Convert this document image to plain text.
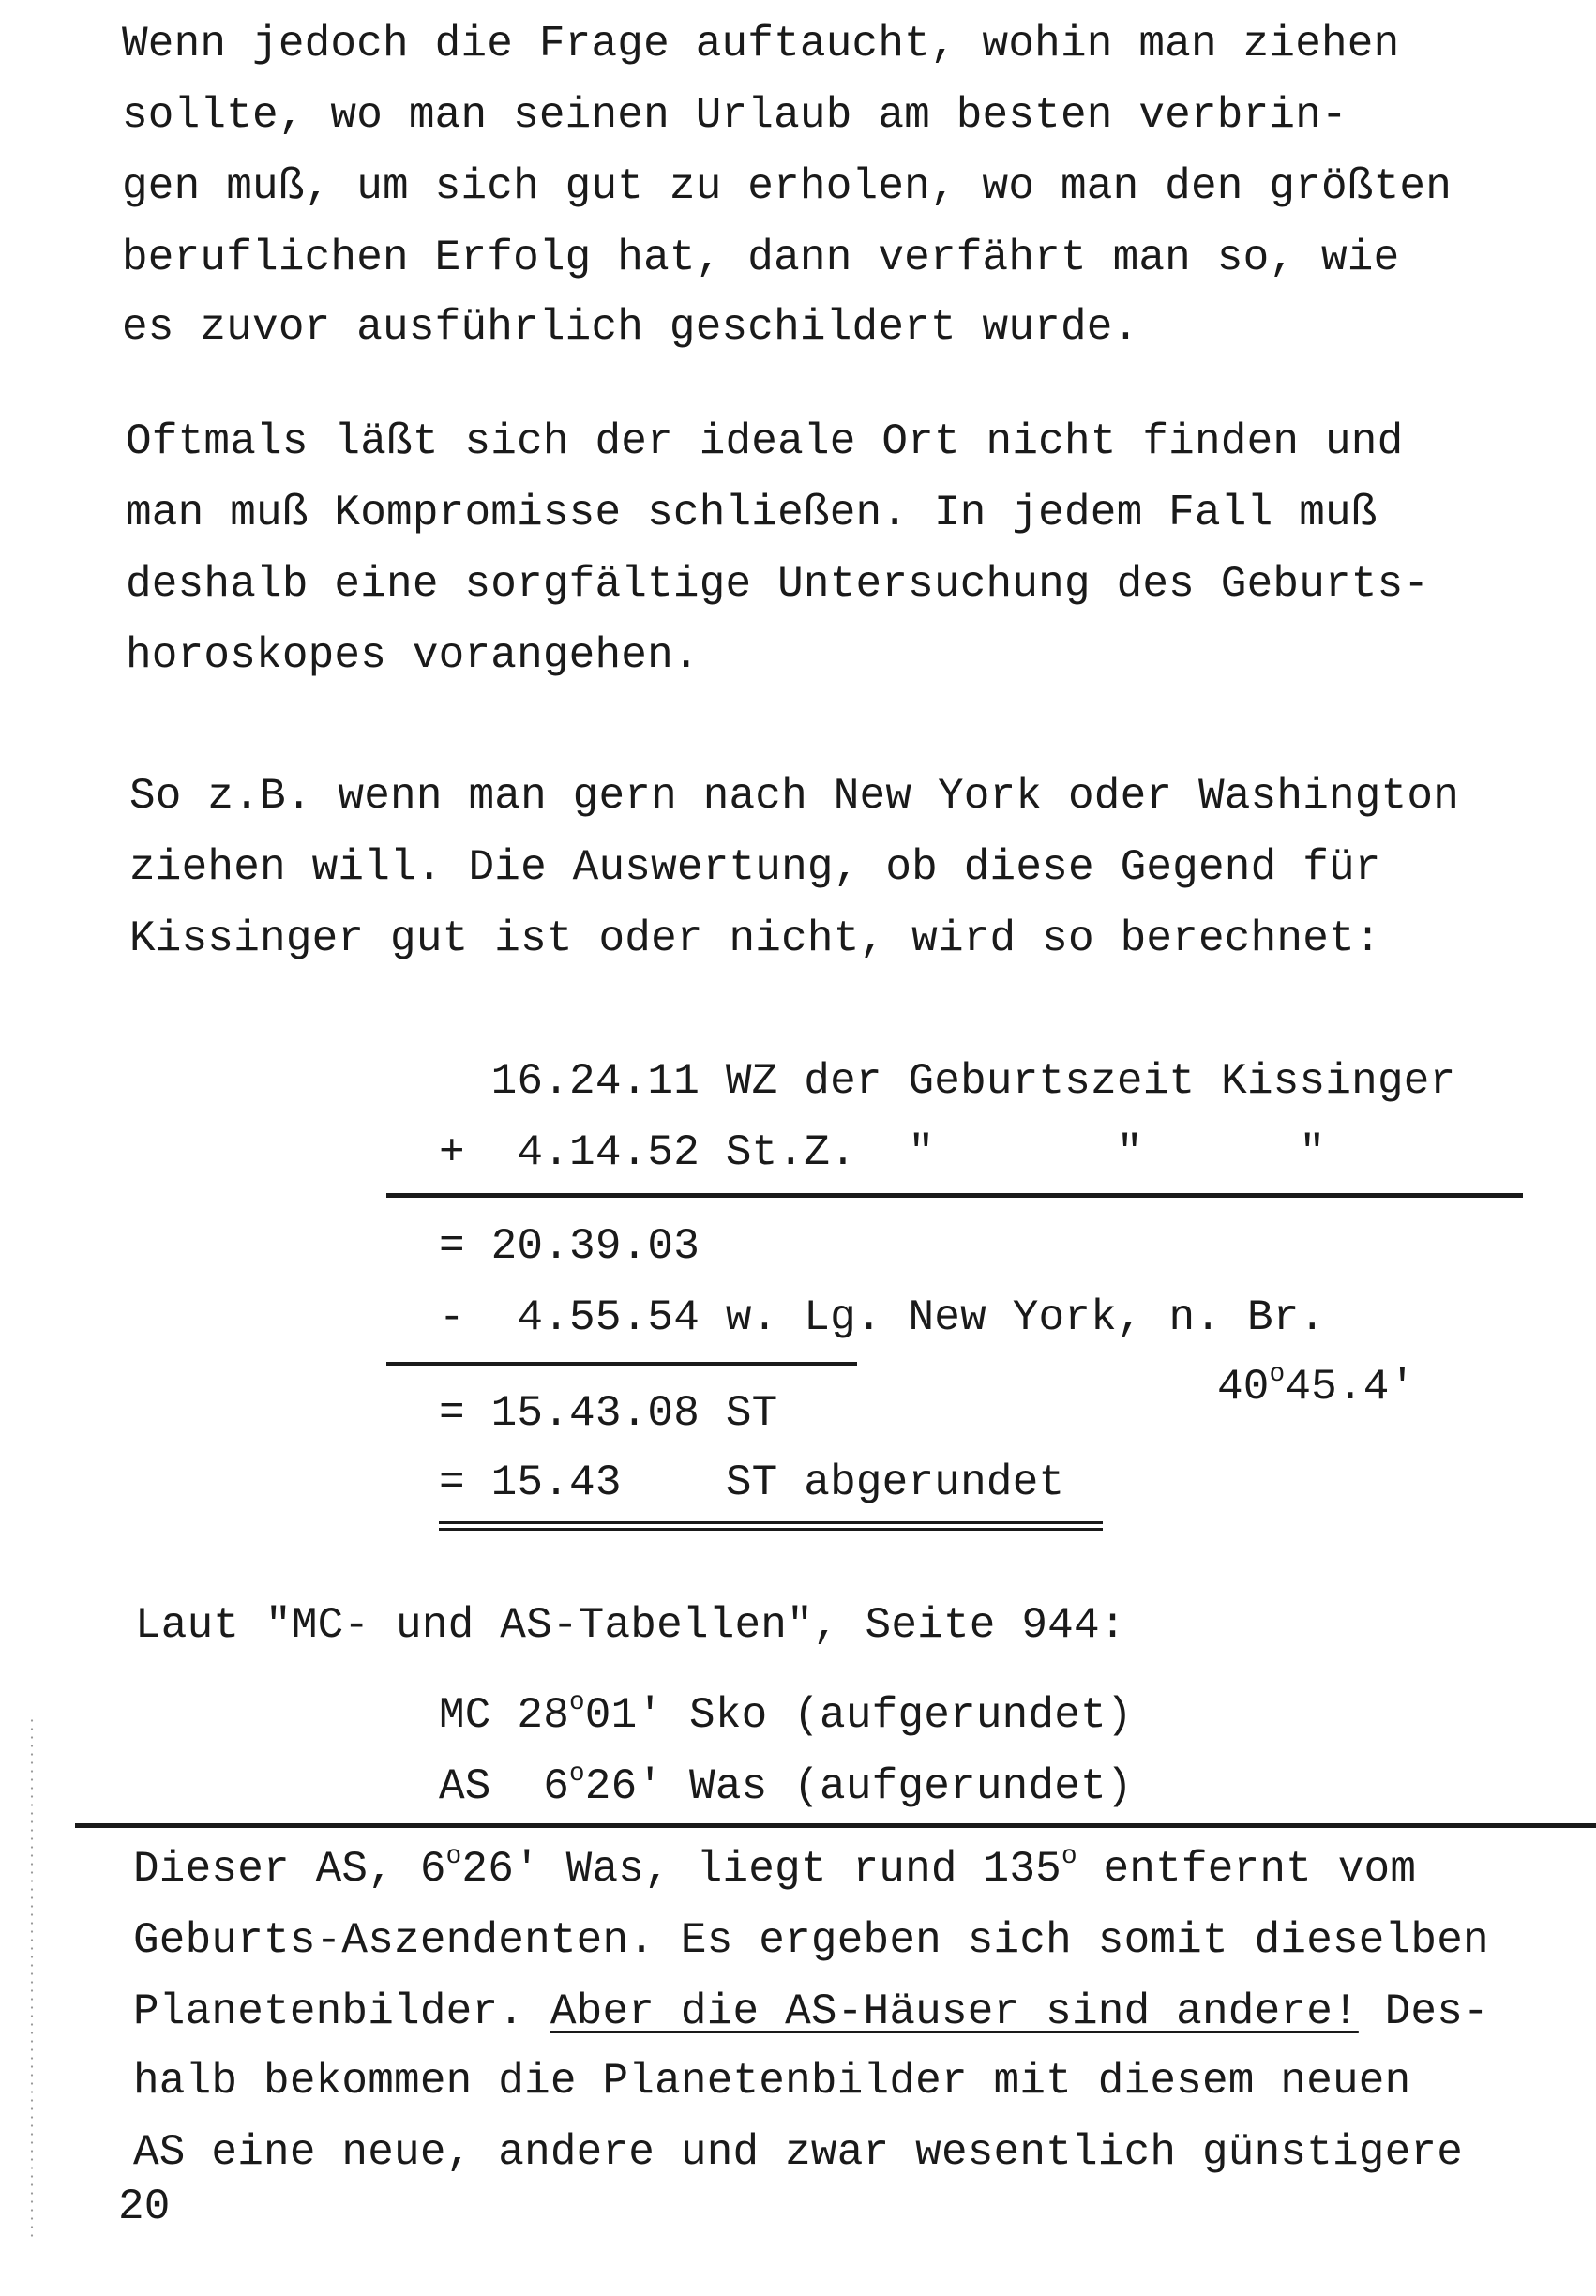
Wenn jedoch die Frage auftaucht, wohin man ziehen
sollte, wo man seinen Urlaub am besten verbrin-
gen muß, um sich gut zu erholen, wo man den größten
beruflichen Erfolg hat, dann verfährt man so, wie
es zuvor ausführlich geschildert wurde.
Oftmals läßt sich der ideale Ort nicht finden und
man muß Kompromisse schließen. In jedem Fall muß
deshalb eine sorgfältige Untersuchung des Geburts-
horoskopes vorangehen.
So z.B. wenn man gern nach New York oder Washington
ziehen will. Die Auswertung, ob diese Gegend für
Kissinger gut ist oder nicht, wird so berechnet:
16.24.11 WZ der Geburtszeit Kissinger
+  4.14.52 St.Z.  "       "      "
= 20.39.03
-  4.55.54 w. Lg. New York, n. Br.
$40^o45.4'$
= 15.43.08 ST
= 15.43    ST abgerundet
Laut "MC- und AS-Tabellen", Seite 944:
MC 28$^o$01' Sko (aufgerundet)
AS  6$^o$26' Was (aufgerundet)
Dieser AS, 6$^o$26' Was, liegt rund 135$^o$ entfernt vom
Geburts-Aszendenten. Es ergeben sich somit dieselben
Planetenbilder. Aber die AS-Häuser sind andere! Des-
halb bekommen die Planetenbilder mit diesem neuen
AS eine neue, andere und zwar wesentlich günstigere
20
